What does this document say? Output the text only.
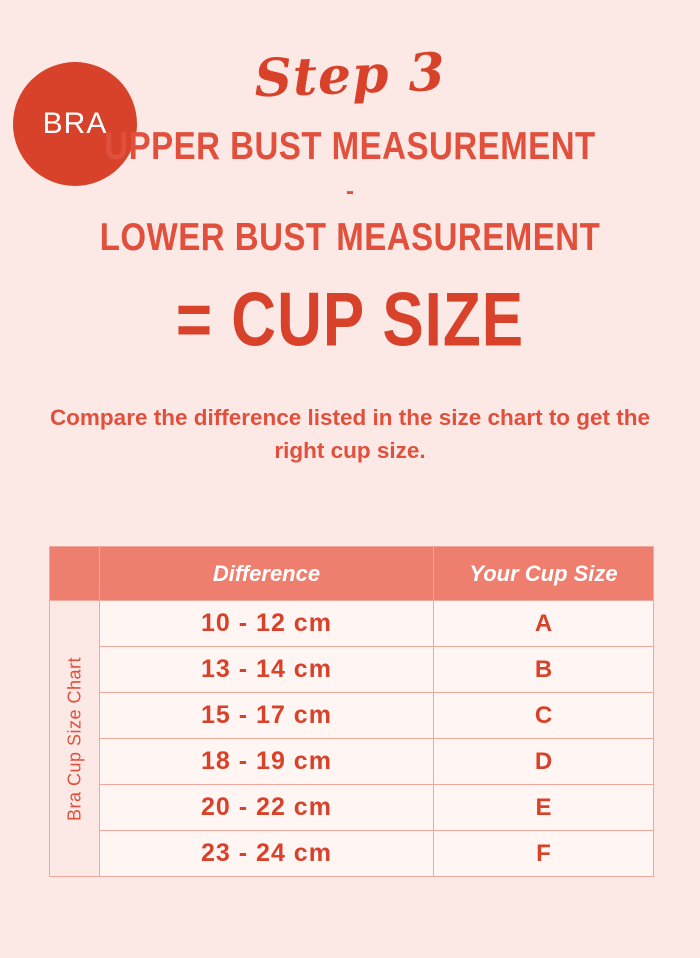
BRA
Step 3
UPPER BUST MEASUREMENT
-
LOWER BUST MEASUREMENT
= CUP SIZE
Compare the difference listed in the size chart to get the right cup size.
	Difference	Your Cup Size

Bra Cup Size Chart	10 - 12 cm	A
	13 - 14 cm	B
	15 - 17 cm	C
	18 - 19 cm	D
	20 - 22 cm	E
	23 - 24 cm	F
